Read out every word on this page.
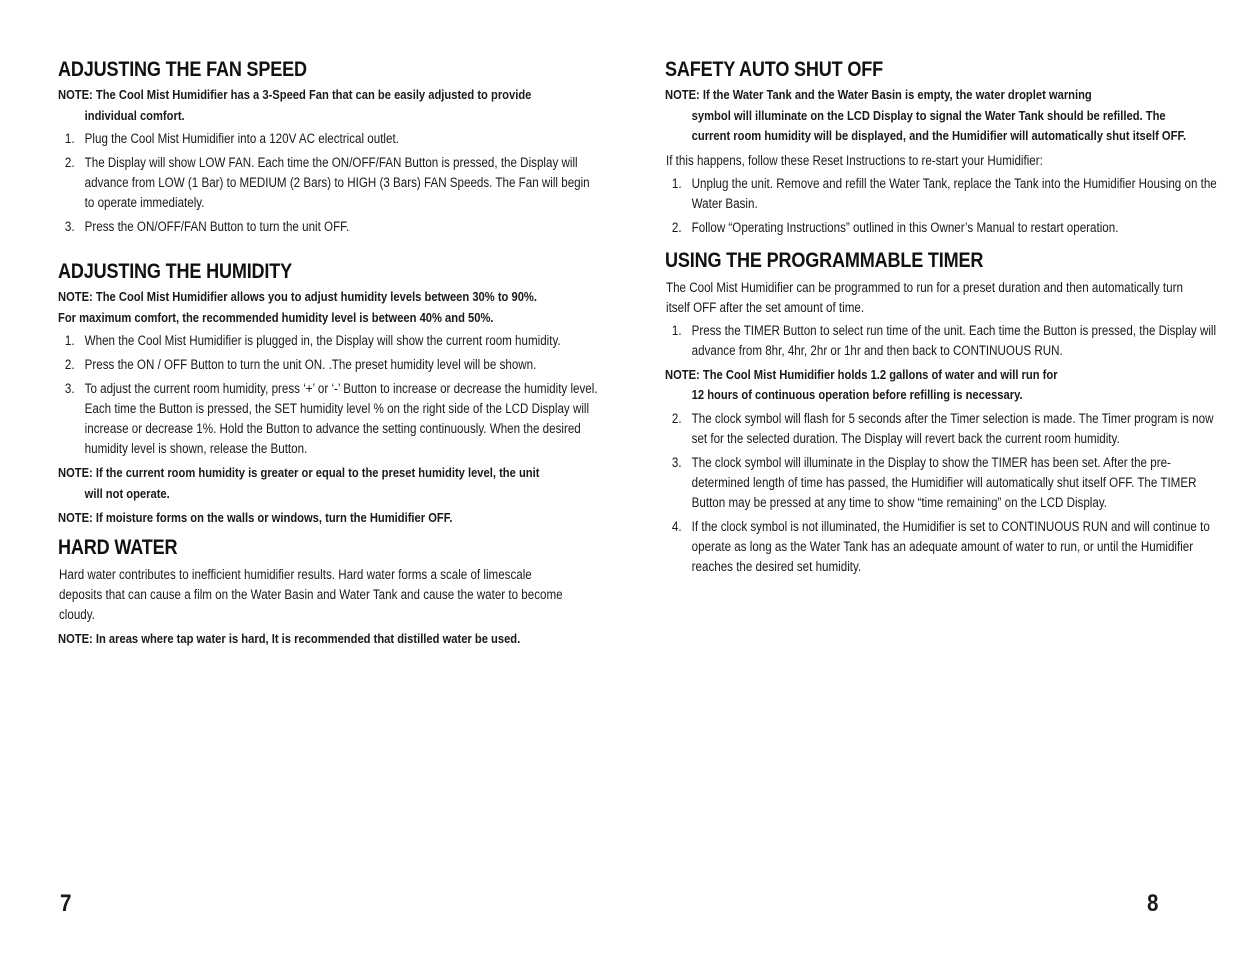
ADJUSTING THE FAN SPEED
NOTE: The Cool Mist Humidifier has a 3-Speed Fan that can be easily adjusted to provide
individual comfort.
1. Plug the Cool Mist Humidifier into a 120V AC electrical outlet.
2. The Display will show LOW FAN. Each time the ON/OFF/FAN Button is pressed, the Display will advance from LOW (1 Bar) to MEDIUM (2 Bars) to HIGH (3 Bars) FAN Speeds. The Fan will begin to operate immediately.
3. Press the ON/OFF/FAN Button to turn the unit OFF.
ADJUSTING THE HUMIDITY
NOTE: The Cool Mist Humidifier allows you to adjust humidity levels between 30% to 90%.
For maximum comfort, the recommended humidity level is between 40% and 50%.
1. When the Cool Mist Humidifier is plugged in, the Display will show the current room humidity.
2. Press the ON / OFF Button to turn the unit ON. .The preset humidity level will be shown.
3. To adjust the current room humidity, press ‘+’ or ‘-’ Button to increase or decrease the humidity level. Each time the Button is pressed, the SET humidity level % on the right side of the LCD Display will increase or decrease 1%. Hold the Button to advance the setting continuously. When the desired humidity level is shown, release the Button.
NOTE: If the current room humidity is greater or equal to the preset humidity level, the unit
will not operate.
NOTE: If moisture forms on the walls or windows, turn the Humidifier OFF.
HARD WATER

Hard water contributes to inefficient humidifier results. Hard water forms a scale of limescale deposits that can cause a film on the Water Basin and Water Tank and cause the water to become cloudy.

NOTE: In areas where tap water is hard, It is recommended that distilled water be used.
7
SAFETY AUTO SHUT OFF
NOTE: If the Water Tank and the Water Basin is empty, the water droplet warning
symbol will illuminate on the LCD Display to signal the Water Tank should be refilled. The current room humidity will be displayed, and the Humidifier will automatically shut itself OFF.

If this happens, follow these Reset Instructions to re-start your Humidifier:

1. Unplug the unit. Remove and refill the Water Tank, replace the Tank into the Humidifier Housing on the Water Basin.
2. Follow “Operating Instructions” outlined in this Owner’s Manual to restart operation.
USING THE PROGRAMMABLE TIMER

The Cool Mist Humidifier can be programmed to run for a preset duration and then automatically turn itself OFF after the set amount of time.

1. Press the TIMER Button to select run time of the unit. Each time the Button is pressed, the Display will advance from 8hr, 4hr, 2hr or 1hr and then back to CONTINUOUS RUN.
NOTE: The Cool Mist Humidifier holds 1.2 gallons of water and will run for
12 hours of continuous operation before refilling is necessary.
2. The clock symbol will flash for 5 seconds after the Timer selection is made. The Timer program is now set for the selected duration. The Display will revert back the current room humidity.
3. The clock symbol will illuminate in the Display to show the TIMER has been set. After the pre-determined length of time has passed, the Humidifier will automatically shut itself OFF. The TIMER Button may be pressed at any time to show “time remaining” on the LCD Display.
4. If the clock symbol is not illuminated, the Humidifier is set to CONTINUOUS RUN and will continue to operate as long as the Water Tank has an adequate amount of water to run, or until the Humidifier reaches the desired set humidity.
8
